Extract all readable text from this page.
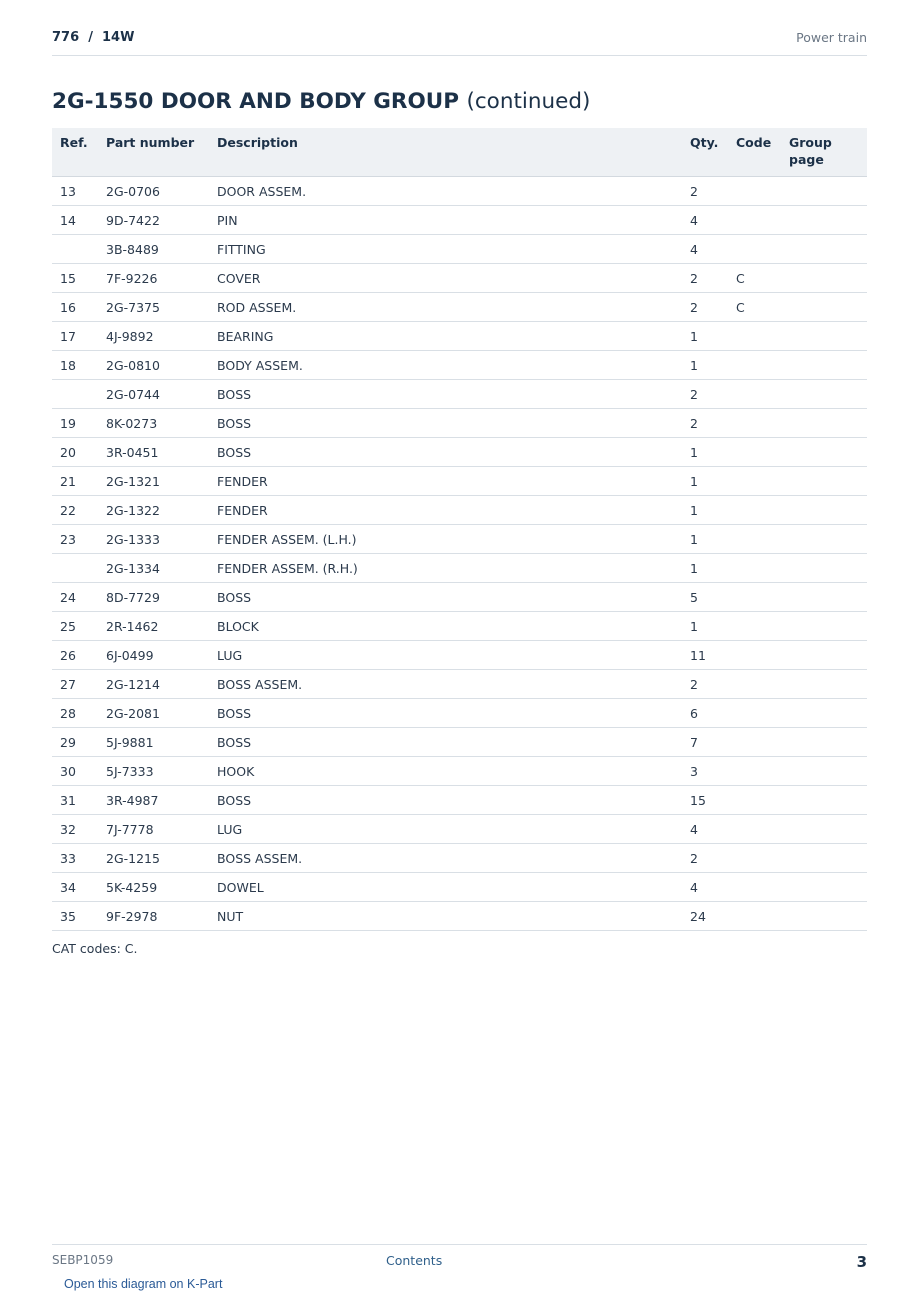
776  /  14W	Power train
2G-1550 DOOR AND BODY GROUP (continued)
Ref.	Part number	Description	Qty.	Code	Group page
13	2G-0706	DOOR ASSEM.	2		
14	9D-7422	PIN	4		
	3B-8489	FITTING	4		
15	7F-9226	COVER	2	C	
16	2G-7375	ROD ASSEM.	2	C	
17	4J-9892	BEARING	1		
18	2G-0810	BODY ASSEM.	1		
	2G-0744	BOSS	2		
19	8K-0273	BOSS	2		
20	3R-0451	BOSS	1		
21	2G-1321	FENDER	1		
22	2G-1322	FENDER	1		
23	2G-1333	FENDER ASSEM. (L.H.)	1		
	2G-1334	FENDER ASSEM. (R.H.)	1		
24	8D-7729	BOSS	5		
25	2R-1462	BLOCK	1		
26	6J-0499	LUG	11		
27	2G-1214	BOSS ASSEM.	2		
28	2G-2081	BOSS	6		
29	5J-9881	BOSS	7		
30	5J-7333	HOOK	3		
31	3R-4987	BOSS	15		
32	7J-7778	LUG	4		
33	2G-1215	BOSS ASSEM.	2		
34	5K-4259	DOWEL	4		
35	9F-2978	NUT	24		
CAT codes: C.
SEBP1059	Contents	3
Open this diagram on K-Part
